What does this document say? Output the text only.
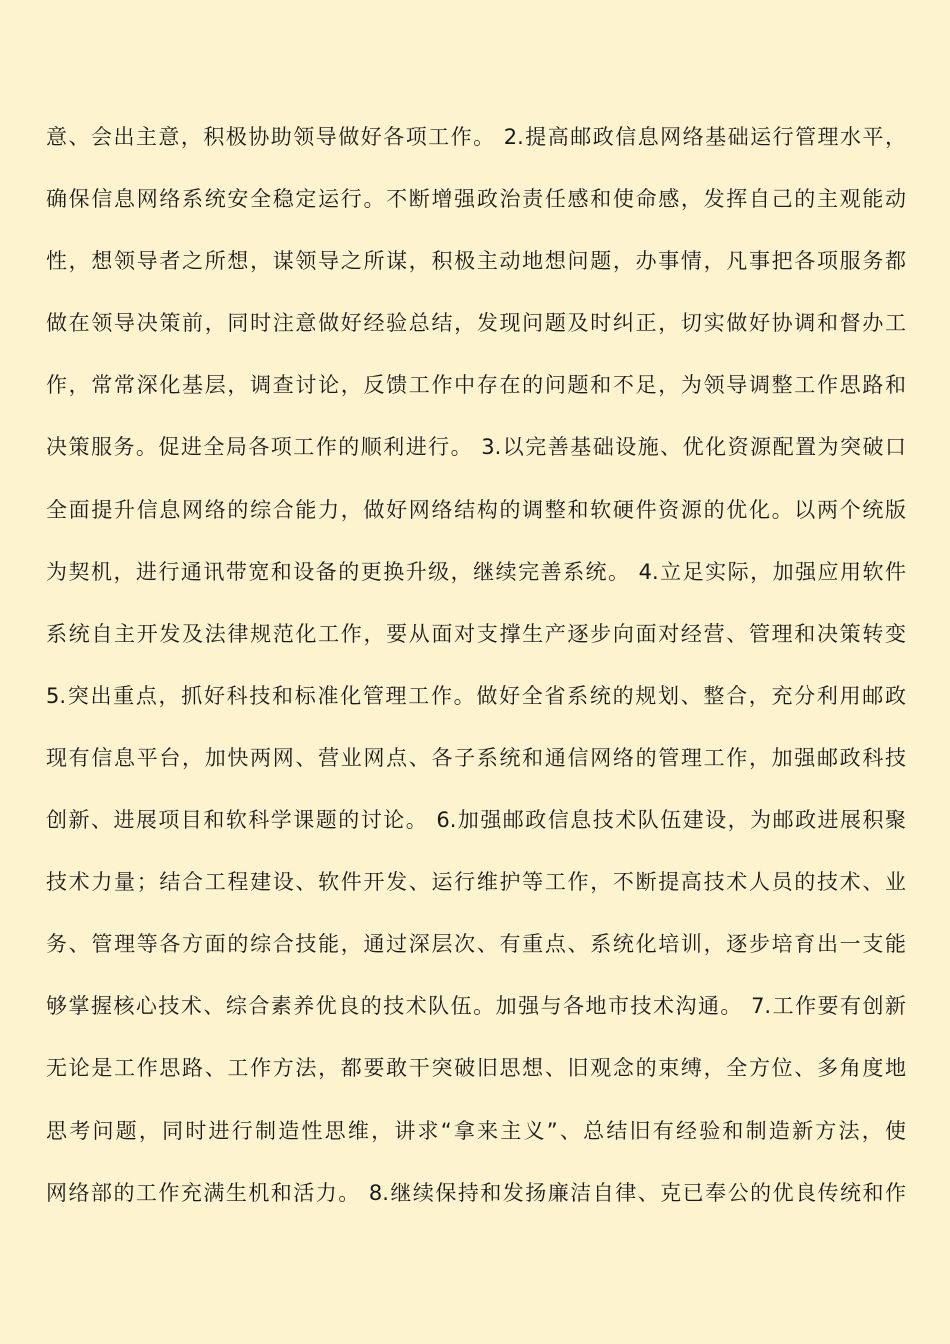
意、会出主意，积极协助领导做好各项工作。 2.提高邮政信息网络基础运行管理水平，
确保信息网络系统安全稳定运行。不断增强政治责任感和使命感，发挥自己的主观能动
性，想领导者之所想，谋领导之所谋，积极主动地想问题，办事情，凡事把各项服务都
做在领导决策前，同时注意做好经验总结，发现问题及时纠正，切实做好协调和督办工
作，常常深化基层，调查讨论，反馈工作中存在的问题和不足，为领导调整工作思路和
决策服务。促进全局各项工作的顺利进行。 3.以完善基础设施、优化资源配置为突破口
全面提升信息网络的综合能力，做好网络结构的调整和软硬件资源的优化。以两个统版
为契机，进行通讯带宽和设备的更换升级，继续完善系统。 4.立足实际，加强应用软件
系统自主开发及法律规范化工作，要从面对支撑生产逐步向面对经营、管理和决策转变
5.突出重点，抓好科技和标准化管理工作。做好全省系统的规划、整合，充分利用邮政
现有信息平台，加快两网、营业网点、各子系统和通信网络的管理工作，加强邮政科技
创新、进展项目和软科学课题的讨论。 6.加强邮政信息技术队伍建设，为邮政进展积聚
技术力量；结合工程建设、软件开发、运行维护等工作，不断提高技术人员的技术、业
务、管理等各方面的综合技能，通过深层次、有重点、系统化培训，逐步培育出一支能
够掌握核心技术、综合素养优良的技术队伍。加强与各地市技术沟通。 7.工作要有创新
无论是工作思路、工作方法，都要敢干突破旧思想、旧观念的束缚，全方位、多角度地
思考问题，同时进行制造性思维，讲求“拿来主义”、总结旧有经验和制造新方法，使
网络部的工作充满生机和活力。 8.继续保持和发扬廉洁自律、克已奉公的优良传统和作
